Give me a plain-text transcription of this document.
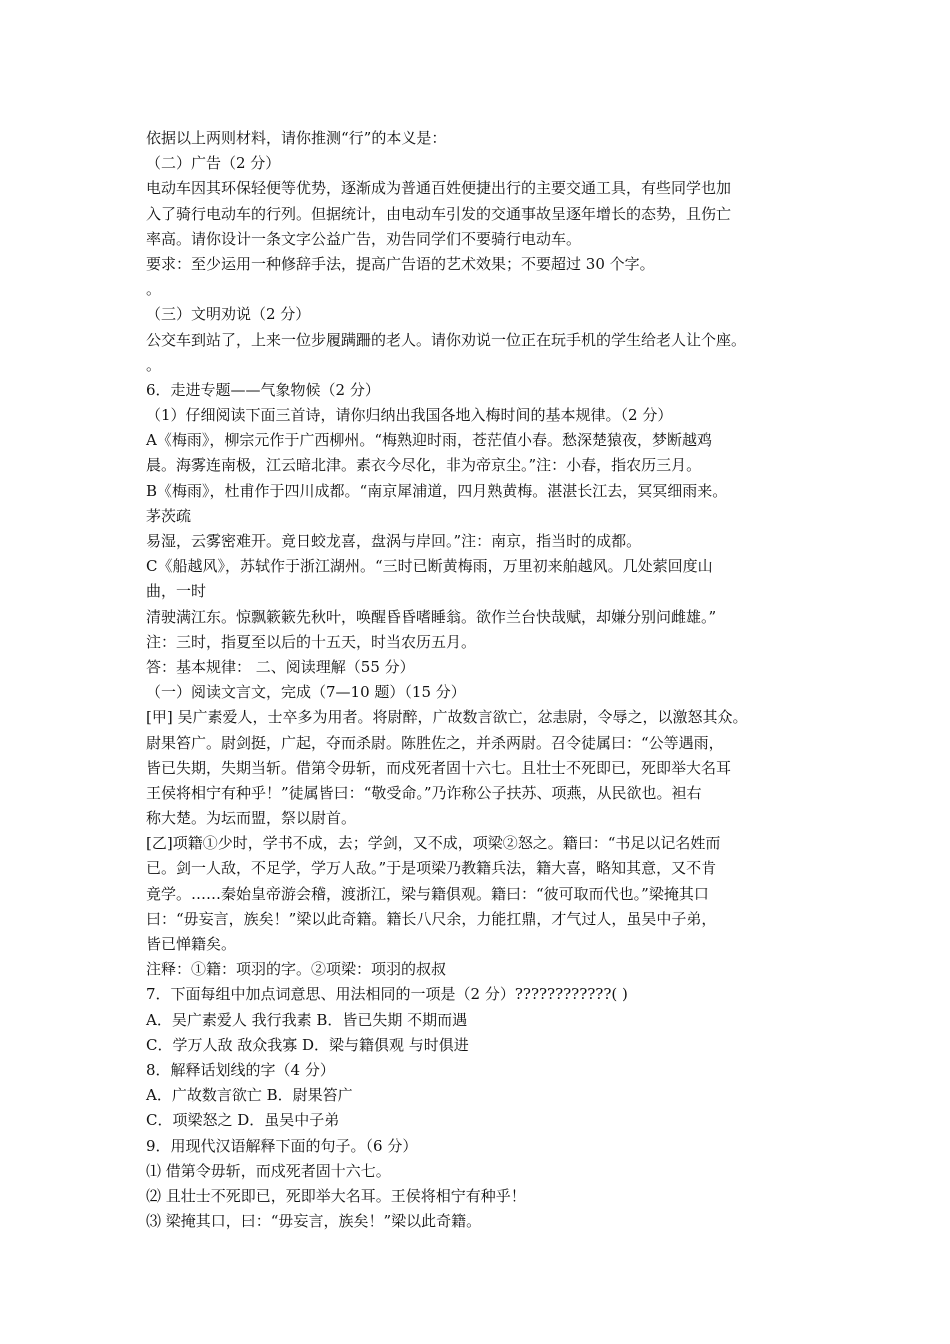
依据以上两则材料，请你推测“行”的本义是：
（二）广告（2 分）
电动车因其环保轻便等优势，逐渐成为普通百姓便捷出行的主要交通工具，有些同学也加
入了骑行电动车的行列。但据统计，由电动车引发的交通事故呈逐年增长的态势，且伤亡
率高。请你设计一条文字公益广告，劝告同学们不要骑行电动车。
要求：至少运用一种修辞手法，提高广告语的艺术效果；不要超过 30 个字。
。
（三）文明劝说（2 分）
公交车到站了，上来一位步履蹒跚的老人。请你劝说一位正在玩手机的学生给老人让个座。
。
6．走进专题——气象物候（2 分）
（1）仔细阅读下面三首诗，请你归纳出我国各地入梅时间的基本规律。（2 分）
A《梅雨》，柳宗元作于广西柳州。“梅熟迎时雨，苍茫值小春。愁深楚猿夜，梦断越鸡
晨。海雾连南极，江云暗北津。素衣今尽化，非为帝京尘。”注：小春，指农历三月。
B《梅雨》，杜甫作于四川成都。“南京犀浦道，四月熟黄梅。湛湛长江去，冥冥细雨来。
茅茨疏
易湿，云雾密难开。竟日蛟龙喜，盘涡与岸回。”注：南京，指当时的成都。
C《船越风》，苏轼作于浙江湖州。“三时已断黄梅雨，万里初来舶越风。几处萦回度山
曲，一时
清驶满江东。惊飘簌簌先秋叶，唤醒昏昏嗜睡翁。欲作兰台快哉赋，却嫌分别问雌雄。”
注：三时，指夏至以后的十五天，时当农历五月。
答：基本规律： 二、阅读理解（55 分）
（一）阅读文言文，完成（7—10 题）（15 分）
[甲] 吴广素爱人，士卒多为用者。将尉醉，广故数言欲亡，忿恚尉，令辱之，以激怒其众。
尉果笞广。尉剑挺，广起，夺而杀尉。陈胜佐之，并杀两尉。召令徒属曰：“公等遇雨，
皆已失期，失期当斩。借第令毋斩，而戍死者固十六七。且壮士不死即已，死即举大名耳
王侯将相宁有种乎！”徒属皆曰：“敬受命。”乃诈称公子扶苏、项燕，从民欲也。袒右
称大楚。为坛而盟，祭以尉首。
[乙]项籍①少时，学书不成，去；学剑，又不成，项梁②怒之。籍曰：“书足以记名姓而
已。剑一人敌，不足学，学万人敌。”于是项梁乃教籍兵法，籍大喜，略知其意，又不肯
竟学。……秦始皇帝游会稽，渡浙江，梁与籍俱观。籍曰：“彼可取而代也。”梁掩其口
曰：“毋妄言，族矣！”梁以此奇籍。籍长八尺余，力能扛鼎，才气过人，虽吴中子弟，
皆已惮籍矣。
注释：①籍：项羽的字。②项梁：项羽的叔叔
7．下面每组中加点词意思、用法相同的一项是（2 分）????????????( )
A．吴广素爱人 我行我素 B．皆已失期 不期而遇
C．学万人敌 敌众我寡 D．梁与籍俱观 与时俱进
8．解释话划线的字（4 分）
A．广故数言欲亡 B．尉果笞广
C．项梁怒之 D．虽吴中子弟
9．用现代汉语解释下面的句子。（6 分）
⑴ 借第令毋斩，而戍死者固十六七。
⑵ 且壮士不死即已，死即举大名耳。王侯将相宁有种乎！
⑶ 梁掩其口，曰：“毋妄言，族矣！”梁以此奇籍。
